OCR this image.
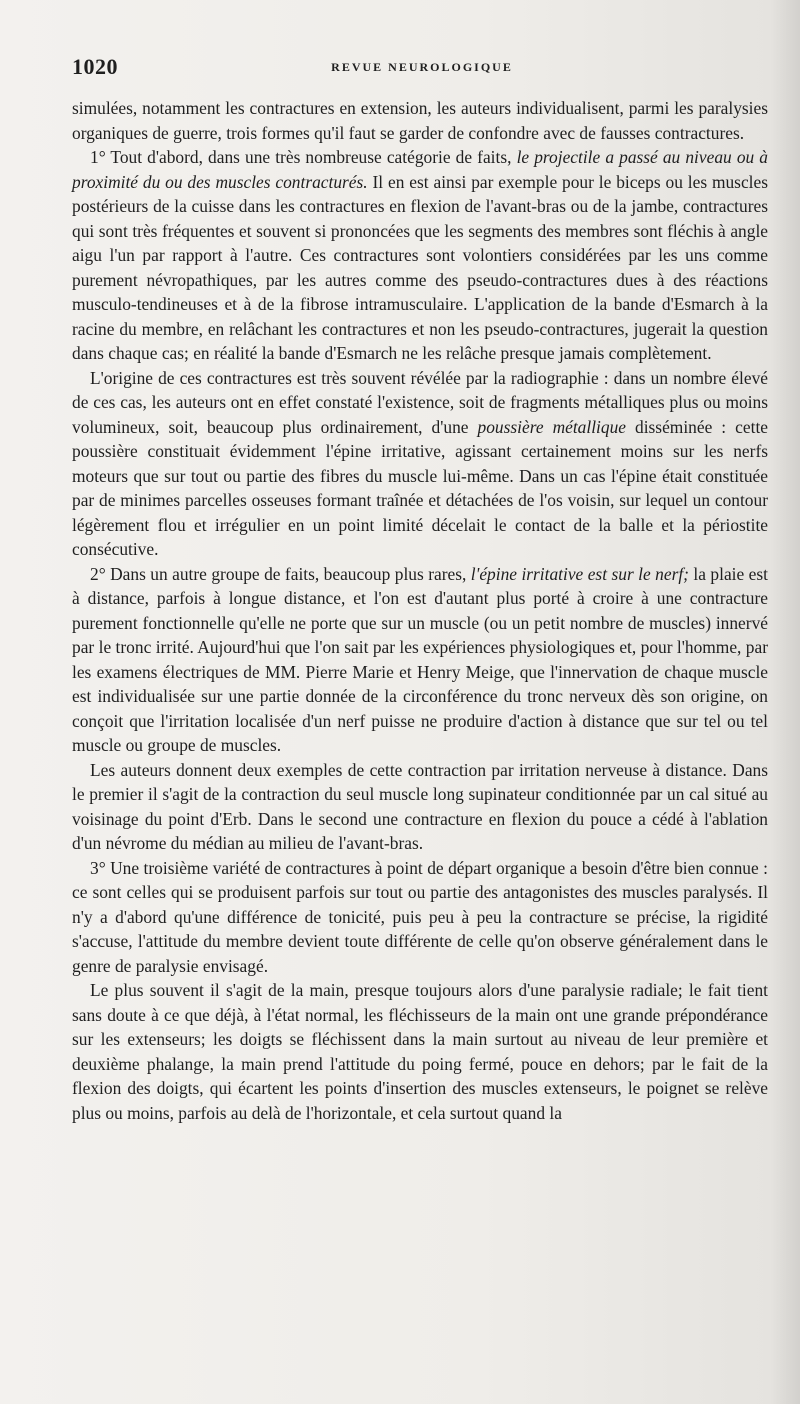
1020	REVUE NEUROLOGIQUE

simulées, notamment les contractures en extension, les auteurs individualisent, parmi les paralysies organiques de guerre, trois formes qu'il faut se garder de confondre avec de fausses contractures.

1° Tout d'abord, dans une très nombreuse catégorie de faits, le projectile a passé au niveau ou à proximité du ou des muscles contracturés. Il en est ainsi par exemple pour le biceps ou les muscles postérieurs de la cuisse dans les contractures en flexion de l'avant-bras ou de la jambe, contractures qui sont très fréquentes et souvent si prononcées que les segments des membres sont fléchis à angle aigu l'un par rapport à l'autre. Ces contractures sont volontiers considérées par les uns comme purement névropathiques, par les autres comme des pseudo-contractures dues à des réactions musculo-tendineuses et à de la fibrose intramusculaire. L'application de la bande d'Esmarch à la racine du membre, en relâchant les contractures et non les pseudo-contractures, jugerait la question dans chaque cas; en réalité la bande d'Esmarch ne les relâche presque jamais complètement.

L'origine de ces contractures est très souvent révélée par la radiographie : dans un nombre élevé de ces cas, les auteurs ont en effet constaté l'existence, soit de fragments métalliques plus ou moins volumineux, soit, beaucoup plus ordinairement, d'une poussière métallique disséminée : cette poussière constituait évidemment l'épine irritative, agissant certainement moins sur les nerfs moteurs que sur tout ou partie des fibres du muscle lui-même. Dans un cas l'épine était constituée par de minimes parcelles osseuses formant traînée et détachées de l'os voisin, sur lequel un contour légèrement flou et irrégulier en un point limité décelait le contact de la balle et la périostite consécutive.

2° Dans un autre groupe de faits, beaucoup plus rares, l'épine irritative est sur le nerf; la plaie est à distance, parfois à longue distance, et l'on est d'autant plus porté à croire à une contracture purement fonctionnelle qu'elle ne porte que sur un muscle (ou un petit nombre de muscles) innervé par le tronc irrité. Aujourd'hui que l'on sait par les expériences physiologiques et, pour l'homme, par les examens électriques de MM. Pierre Marie et Henry Meige, que l'innervation de chaque muscle est individualisée sur une partie donnée de la circonférence du tronc nerveux dès son origine, on conçoit que l'irritation localisée d'un nerf puisse ne produire d'action à distance que sur tel ou tel muscle ou groupe de muscles.

Les auteurs donnent deux exemples de cette contraction par irritation nerveuse à distance. Dans le premier il s'agit de la contraction du seul muscle long supinateur conditionnée par un cal situé au voisinage du point d'Erb. Dans le second une contracture en flexion du pouce a cédé à l'ablation d'un névrome du médian au milieu de l'avant-bras.

3° Une troisième variété de contractures à point de départ organique a besoin d'être bien connue : ce sont celles qui se produisent parfois sur tout ou partie des antagonistes des muscles paralysés. Il n'y a d'abord qu'une différence de tonicité, puis peu à peu la contracture se précise, la rigidité s'accuse, l'attitude du membre devient toute différente de celle qu'on observe généralement dans le genre de paralysie envisagé.

Le plus souvent il s'agit de la main, presque toujours alors d'une paralysie radiale; le fait tient sans doute à ce que déjà, à l'état normal, les fléchisseurs de la main ont une grande prépondérance sur les extenseurs; les doigts se fléchissent dans la main surtout au niveau de leur première et deuxième phalange, la main prend l'attitude du poing fermé, pouce en dehors; par le fait de la flexion des doigts, qui écartent les points d'insertion des muscles extenseurs, le poignet se relève plus ou moins, parfois au delà de l'horizontale, et cela surtout quand la
